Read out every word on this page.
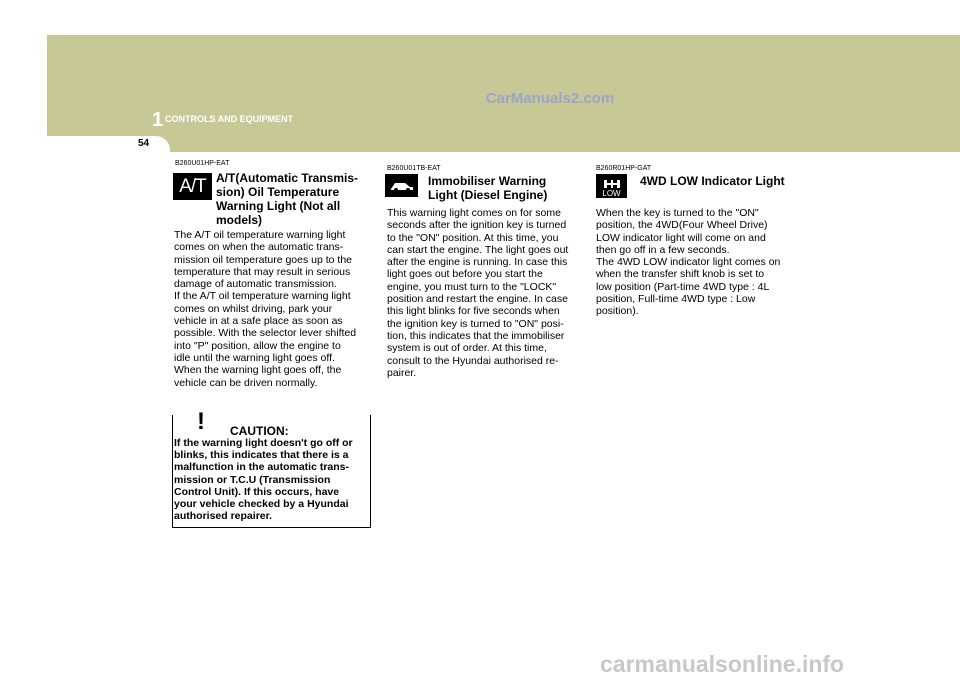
CarManuals2.com
1 CONTROLS AND EQUIPMENT
54
B260U01HP-EAT
A/T A/T(Automatic Transmis-
sion) Oil Temperature
Warning Light (Not all
models)
The A/T oil temperature warning light
comes on when the automatic trans-
mission oil temperature goes up to the
temperature that may result in serious
damage of automatic transmission.
If the A/T oil temperature warning light
comes on whilst driving, park your
vehicle in at a safe place as soon as
possible. With the selector lever shifted
into "P" position, allow the engine to
idle until the warning light goes off.
When the warning light goes off, the
vehicle can be driven normally.
! CAUTION:
If the warning light doesn't go off or
blinks, this indicates that there is a
malfunction in the automatic trans-
mission or T.C.U (Transmission
Control Unit). If this occurs, have
your vehicle checked by a Hyundai
authorised repairer.
B260U01TB-EAT
Immobiliser Warning
Light (Diesel Engine)
This warning light comes on for some
seconds after the ignition key is turned
to the "ON" position. At this time, you
can start the engine. The light goes out
after the engine is running. In case this
light goes out before you start the
engine, you must turn to the "LOCK"
position and restart the engine. In case
this light blinks for five seconds when
the ignition key is turned to "ON" posi-
tion, this indicates that the immobiliser
system is out of order. At this time,
consult to the Hyundai authorised re-
pairer.
B260R01HP-GAT
LOW
4WD LOW Indicator Light
When the key is turned to the "ON"
position, the 4WD(Four Wheel Drive)
LOW indicator light will come on and
then go off in a few seconds.
The 4WD LOW indicator light comes on
when the transfer shift knob is set to
low position (Part-time 4WD type : 4L
position, Full-time 4WD type : Low
position).
carmanualsonline.info
